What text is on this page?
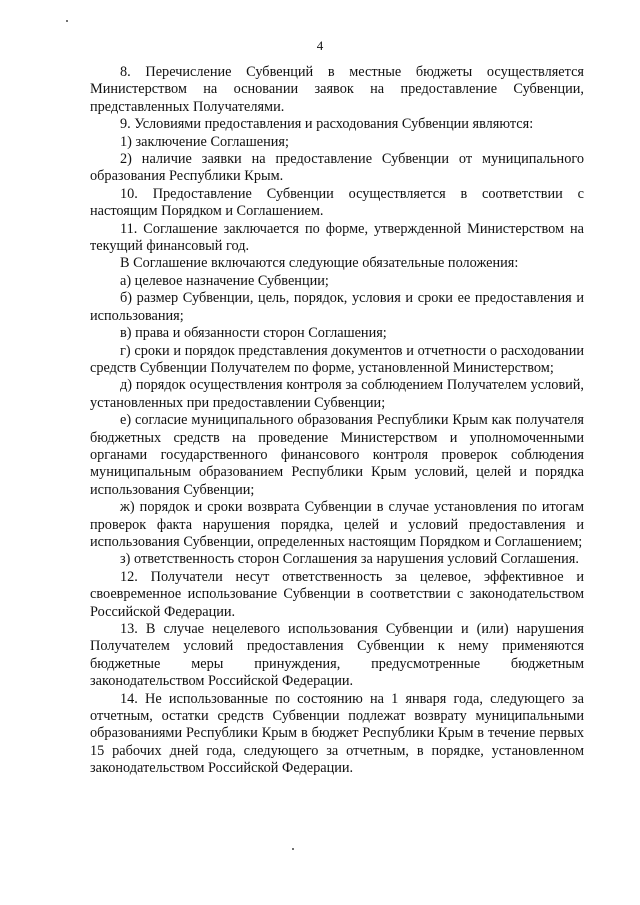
4

8. Перечисление Субвенций в местные бюджеты осуществляется Министерством на основании заявок на предоставление Субвенции, представленных Получателями.

9. Условиями предоставления и расходования Субвенции являются:

1) заключение Соглашения;

2) наличие заявки на предоставление Субвенции от муниципального образования Республики Крым.

10. Предоставление Субвенции осуществляется в соответствии с настоящим Порядком и Соглашением.

11. Соглашение заключается по форме, утвержденной Министерством на текущий финансовый год.

В Соглашение включаются следующие обязательные положения:

а) целевое назначение Субвенции;

б) размер Субвенции, цель, порядок, условия и сроки ее предоставления и использования;

в) права и обязанности сторон Соглашения;

г) сроки и порядок представления документов и отчетности о расходовании средств Субвенции Получателем по форме, установленной Министерством;

д) порядок осуществления контроля за соблюдением Получателем условий, установленных при предоставлении Субвенции;

е) согласие муниципального образования Республики Крым как получателя бюджетных средств на проведение Министерством и уполномоченными органами государственного финансового контроля проверок соблюдения муниципальным образованием Республики Крым условий, целей и порядка использования Субвенции;

ж) порядок и сроки возврата Субвенции в случае установления по итогам проверок факта нарушения порядка, целей и условий предоставления и использования Субвенции, определенных настоящим Порядком и Соглашением;

з) ответственность сторон Соглашения за нарушения условий Соглашения.

12. Получатели несут ответственность за целевое, эффективное и своевременное использование Субвенции в соответствии с законодательством Российской Федерации.

13. В случае нецелевого использования Субвенции и (или) нарушения Получателем условий предоставления Субвенции к нему применяются бюджетные меры принуждения, предусмотренные бюджетным законодательством Российской Федерации.

14. Не использованные по состоянию на 1 января года, следующего за отчетным, остатки средств Субвенции подлежат возврату муниципальными образованиями Республики Крым в бюджет Республики Крым в течение первых 15 рабочих дней года, следующего за отчетным, в порядке, установленном законодательством Российской Федерации.
